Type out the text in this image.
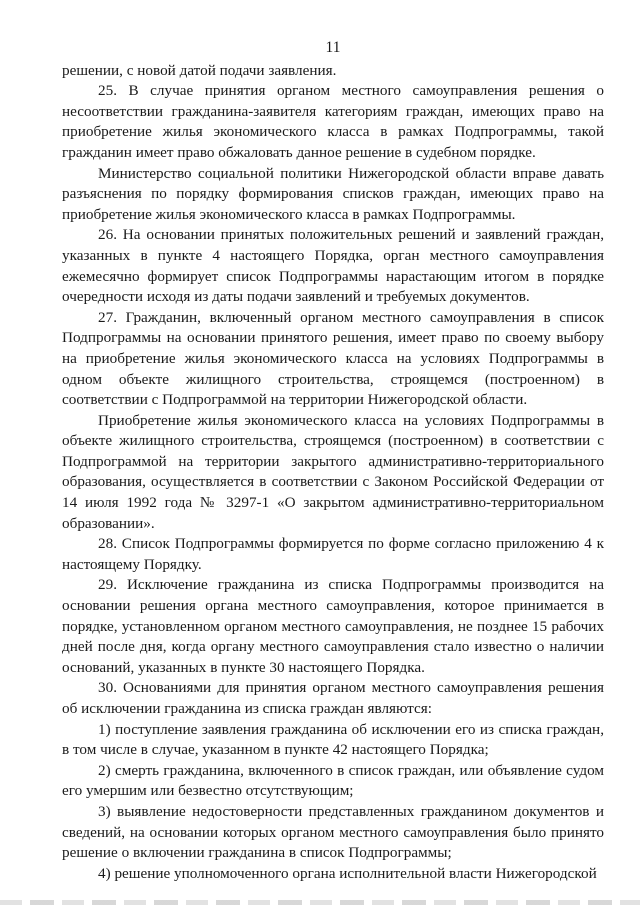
11

решении, с новой датой подачи заявления.

25. В случае принятия органом местного самоуправления решения о несоответствии гражданина-заявителя категориям граждан, имеющих право на приобретение жилья экономического класса в рамках Подпрограммы, такой гражданин имеет право обжаловать данное решение в судебном порядке.

Министерство социальной политики Нижегородской области вправе давать разъяснения по порядку формирования списков граждан, имеющих право на приобретение жилья экономического класса в рамках Подпрограммы.

26. На основании принятых положительных решений и заявлений граждан, указанных в пункте 4 настоящего Порядка, орган местного самоуправления ежемесячно формирует список Подпрограммы нарастающим итогом в порядке очередности исходя из даты подачи заявлений и требуемых документов.

27. Гражданин, включенный органом местного самоуправления в список Подпрограммы на основании принятого решения, имеет право по своему выбору на приобретение жилья экономического класса на условиях Подпрограммы в одном объекте жилищного строительства, строящемся (построенном) в соответствии с Подпрограммой на территории Нижегородской области.

Приобретение жилья экономического класса на условиях Подпрограммы в объекте жилищного строительства, строящемся (построенном) в соответствии с Подпрограммой на территории закрытого административно-территориального образования, осуществляется в соответствии с Законом Российской Федерации от 14 июля 1992 года № 3297-1 «О закрытом административно-территориальном образовании».

28. Список Подпрограммы формируется по форме согласно приложению 4 к настоящему Порядку.

29. Исключение гражданина из списка Подпрограммы производится на основании решения органа местного самоуправления, которое принимается в порядке, установленном органом местного самоуправления, не позднее 15 рабочих дней после дня, когда органу местного самоуправления стало известно о наличии оснований, указанных в пункте 30 настоящего Порядка.

30. Основаниями для принятия органом местного самоуправления решения об исключении гражданина из списка граждан являются:

1) поступление заявления гражданина об исключении его из списка граждан, в том числе в случае, указанном в пункте 42 настоящего Порядка;

2) смерть гражданина, включенного в список граждан, или объявление судом его умершим или безвестно отсутствующим;

3) выявление недостоверности представленных гражданином документов и сведений, на основании которых органом местного самоуправления было принято решение о включении гражданина в список Подпрограммы;

4) решение уполномоченного органа исполнительной власти Нижегородской
